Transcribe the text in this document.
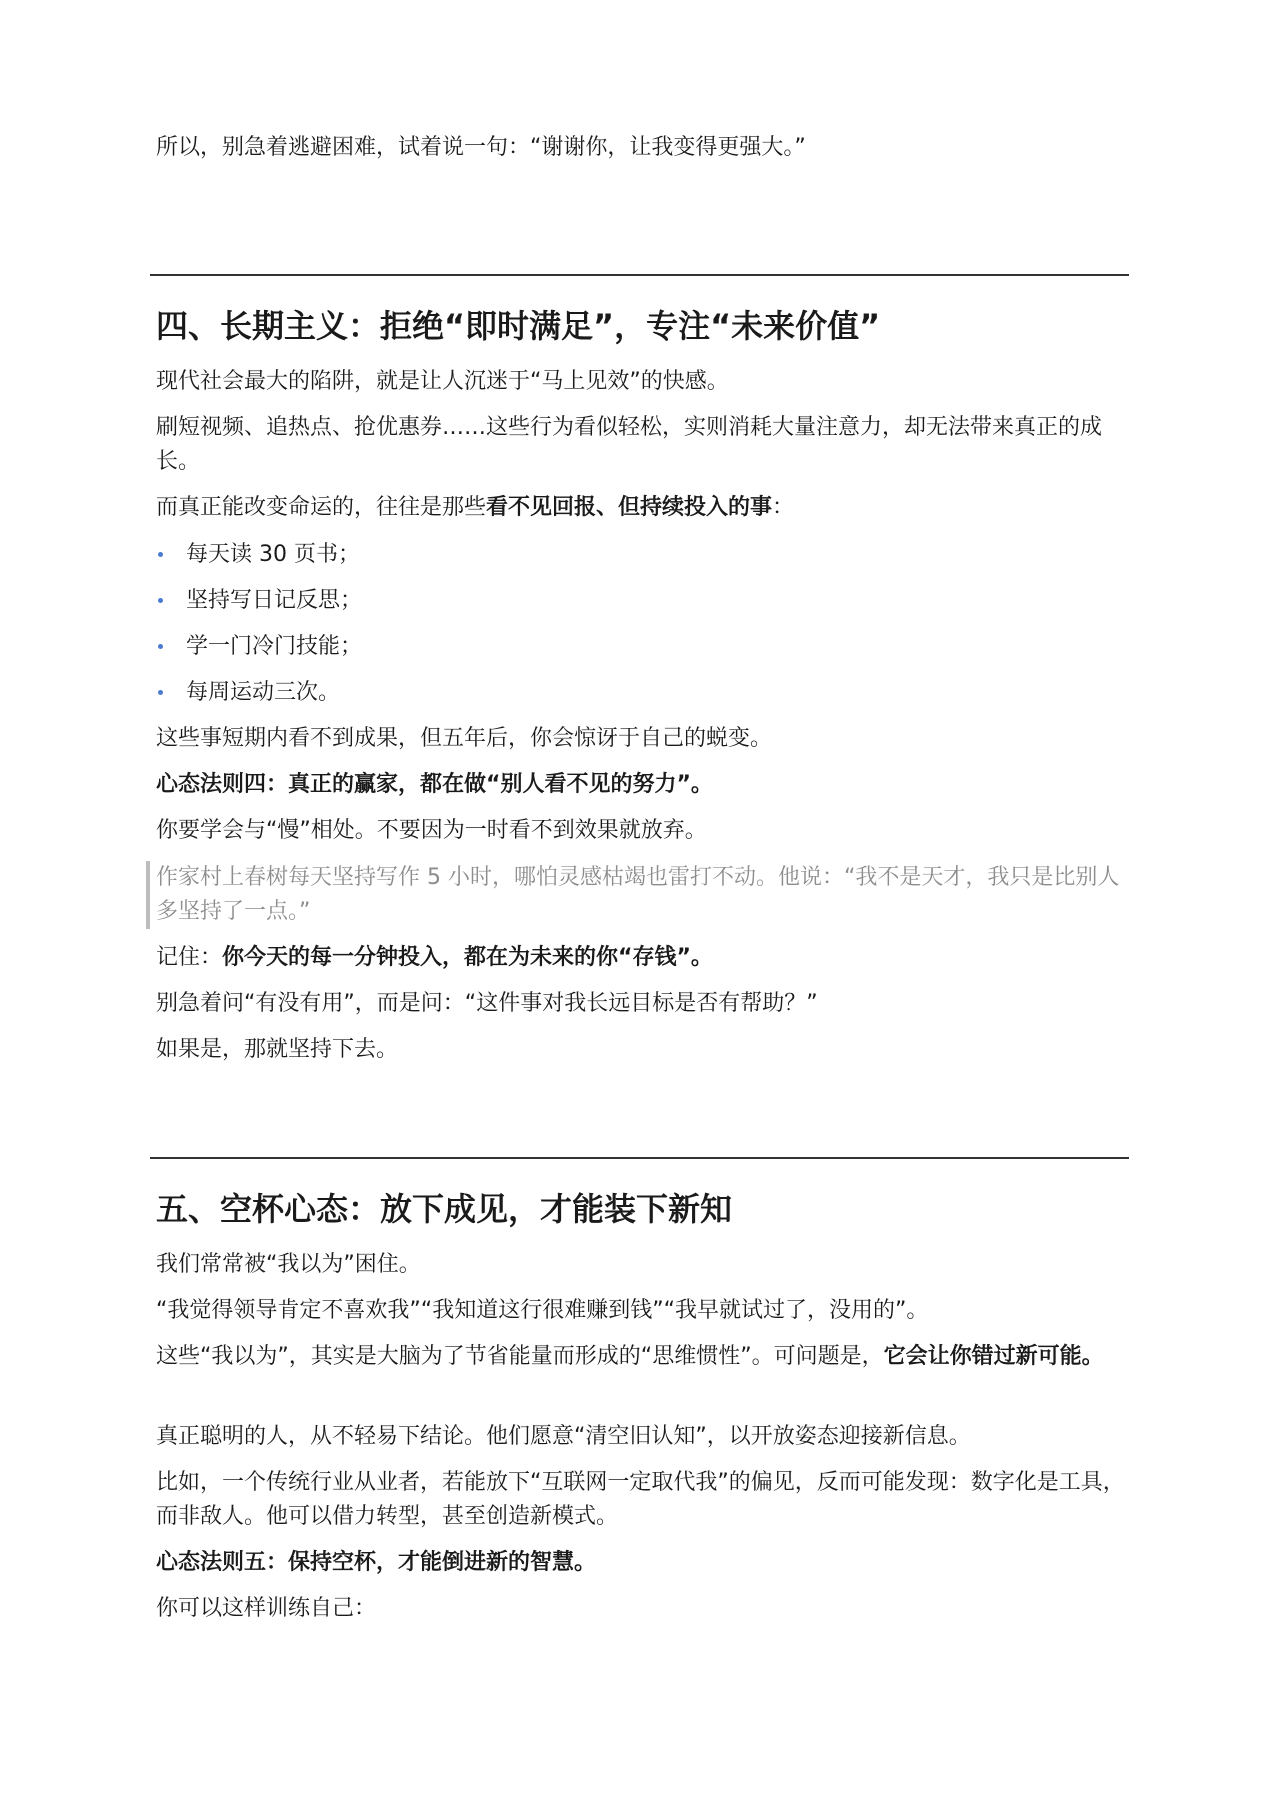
所以，别急着逃避困难，试着说一句：“谢谢你，让我变得更强大。”

四、长期主义：拒绝“即时满足”，专注“未来价值”

现代社会最大的陷阱，就是让人沉迷于“马上见效”的快感。

刷短视频、追热点、抢优惠券……这些行为看似轻松，实则消耗大量注意力，却无法带来真正的成长。

而真正能改变命运的，往往是那些看不见回报、但持续投入的事：

每天读 30 页书；
坚持写日记反思；
学一门冷门技能；
每周运动三次。

这些事短期内看不到成果，但五年后，你会惊讶于自己的蜕变。

心态法则四：真正的赢家，都在做“别人看不见的努力”。

你要学会与“慢”相处。不要因为一时看不到效果就放弃。

作家村上春树每天坚持写作 5 小时，哪怕灵感枯竭也雷打不动。他说：“我不是天才，我只是比别人多坚持了一点。”

记住：你今天的每一分钟投入，都在为未来的你“存钱”。

别急着问“有没有用”，而是问：“这件事对我长远目标是否有帮助？”

如果是，那就坚持下去。

五、空杯心态：放下成见，才能装下新知

我们常常被“我以为”困住。

“我觉得领导肯定不喜欢我”“我知道这行很难赚到钱”“我早就试过了，没用的”。

这些“我以为”，其实是大脑为了节省能量而形成的“思维惯性”。可问题是，它会让你错过新可能。

真正聪明的人，从不轻易下结论。他们愿意“清空旧认知”，以开放姿态迎接新信息。

比如，一个传统行业从业者，若能放下“互联网一定取代我”的偏见，反而可能发现：数字化是工具，而非敌人。他可以借力转型，甚至创造新模式。

心态法则五：保持空杯，才能倒进新的智慧。

你可以这样训练自己：
